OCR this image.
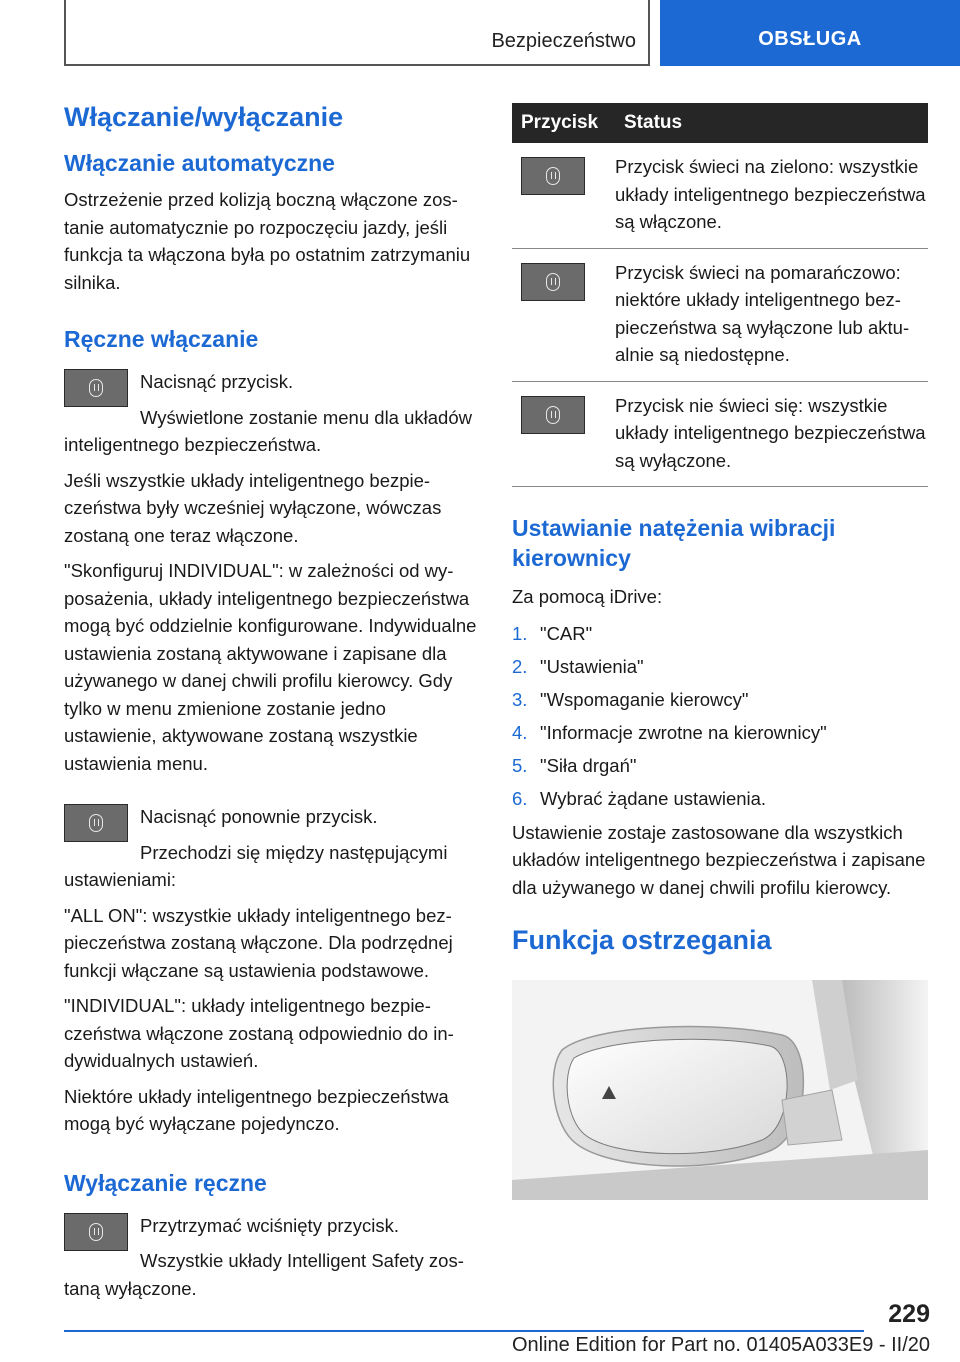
Bezpieczeństwo	OBSŁUGA
Włączanie/wyłączanie
Włączanie automatyczne

Ostrzeżenie przed kolizją boczną włączone zostanie automatycznie po rozpoczęciu jazdy, jeśli funkcja ta włączona była po ostatnim zatrzymaniu silnika.

Ręczne włączanie

Nacisnąć przycisk.

Wyświetlone zostanie menu dla układów inteligentnego bezpieczeństwa.

Jeśli wszystkie układy inteligentnego bezpieczeństwa były wcześniej wyłączone, wówczas zostaną one teraz włączone.

"Skonfiguruj INDIVIDUAL": w zależności od wyposażenia, układy inteligentnego bezpieczeństwa mogą być oddzielnie konfigurowane. Indywidualne ustawienia zostaną aktywowane i zapisane dla używanego w danej chwili profilu kierowcy. Gdy tylko w menu zmienione zostanie jedno ustawienie, aktywowane zostaną wszystkie ustawienia menu.

Nacisnąć ponownie przycisk.

Przechodzi się między następującymi ustawieniami:

"ALL ON": wszystkie układy inteligentnego bezpieczeństwa zostaną włączone. Dla podrzędnej funkcji włączane są ustawienia podstawowe.

"INDIVIDUAL": układy inteligentnego bezpieczeństwa włączone zostaną odpowiednio do indywidualnych ustawień.

Niektóre układy inteligentnego bezpieczeństwa mogą być wyłączane pojedynczo.

Wyłączanie ręczne

Przytrzymać wciśnięty przycisk.

Wszystkie układy Intelligent Safety zostaną wyłączone.

Przycisk	Status

	Przycisk świeci na zielono: wszystkie układy inteligentnego bezpieczeństwa są włączone.

	Przycisk świeci na pomarańczowo: niektóre układy inteligentnego bezpieczeństwa są wyłączone lub aktualnie są niedostępne.

	Przycisk nie świeci się: wszystkie układy inteligentnego bezpieczeństwa są wyłączone.
Ustawianie natężenia wibracji kierownicy

Za pomocą iDrive:

1. "CAR"
2. "Ustawienia"
3. "Wspomaganie kierowcy"
4. "Informacje zwrotne na kierownicy"
5. "Siła drgań"
6. Wybrać żądane ustawienia.

Ustawienie zostaje zastosowane dla wszystkich układów inteligentnego bezpieczeństwa i zapisane dla używanego w danej chwili profilu kierowcy.

Funkcja ostrzegania
229
Online Edition for Part no. 01405A033E9 - II/20
